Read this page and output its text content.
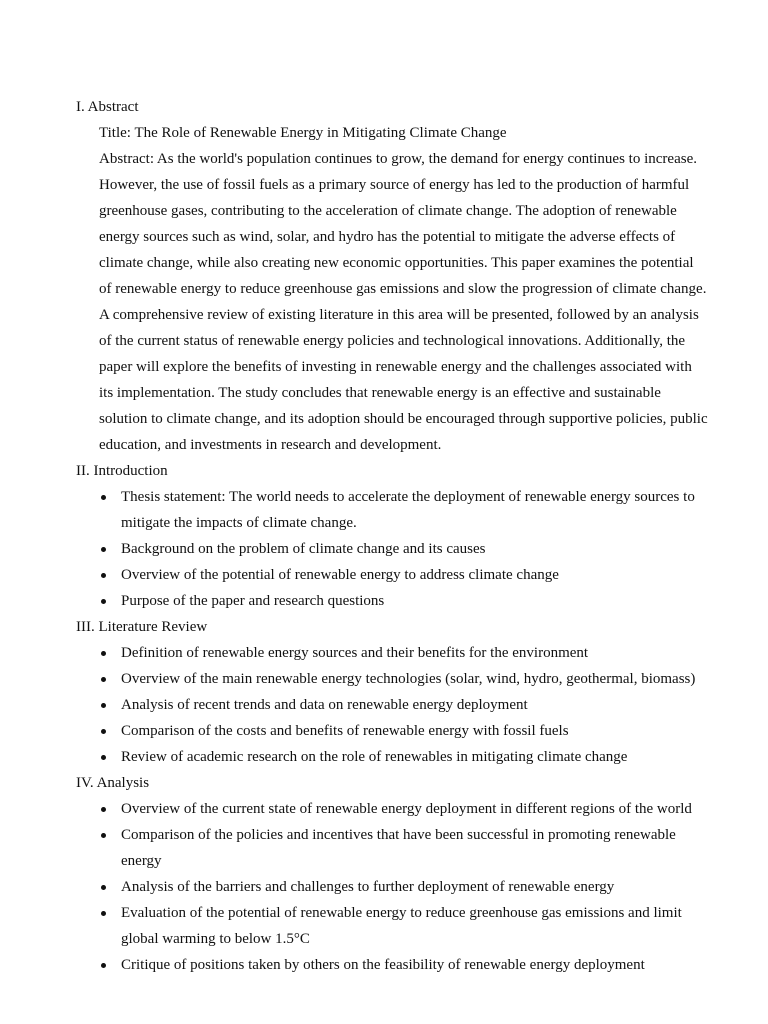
I. Abstract
Title: The Role of Renewable Energy in Mitigating Climate Change
Abstract: As the world's population continues to grow, the demand for energy continues to increase.
However, the use of fossil fuels as a primary source of energy has led to the production of harmful
greenhouse gases, contributing to the acceleration of climate change. The adoption of renewable
energy sources such as wind, solar, and hydro has the potential to mitigate the adverse effects of
climate change, while also creating new economic opportunities. This paper examines the potential
of renewable energy to reduce greenhouse gas emissions and slow the progression of climate change.
A comprehensive review of existing literature in this area will be presented, followed by an analysis
of the current status of renewable energy policies and technological innovations. Additionally, the
paper will explore the benefits of investing in renewable energy and the challenges associated with
its implementation. The study concludes that renewable energy is an effective and sustainable
solution to climate change, and its adoption should be encouraged through supportive policies, public
education, and investments in research and development.
II. Introduction
Thesis statement: The world needs to accelerate the deployment of renewable energy sources to
mitigate the impacts of climate change.
Background on the problem of climate change and its causes
Overview of the potential of renewable energy to address climate change
Purpose of the paper and research questions
III. Literature Review
Definition of renewable energy sources and their benefits for the environment
Overview of the main renewable energy technologies (solar, wind, hydro, geothermal, biomass)
Analysis of recent trends and data on renewable energy deployment
Comparison of the costs and benefits of renewable energy with fossil fuels
Review of academic research on the role of renewables in mitigating climate change
IV. Analysis
Overview of the current state of renewable energy deployment in different regions of the world
Comparison of the policies and incentives that have been successful in promoting renewable
energy
Analysis of the barriers and challenges to further deployment of renewable energy
Evaluation of the potential of renewable energy to reduce greenhouse gas emissions and limit
global warming to below 1.5°C
Critique of positions taken by others on the feasibility of renewable energy deployment
